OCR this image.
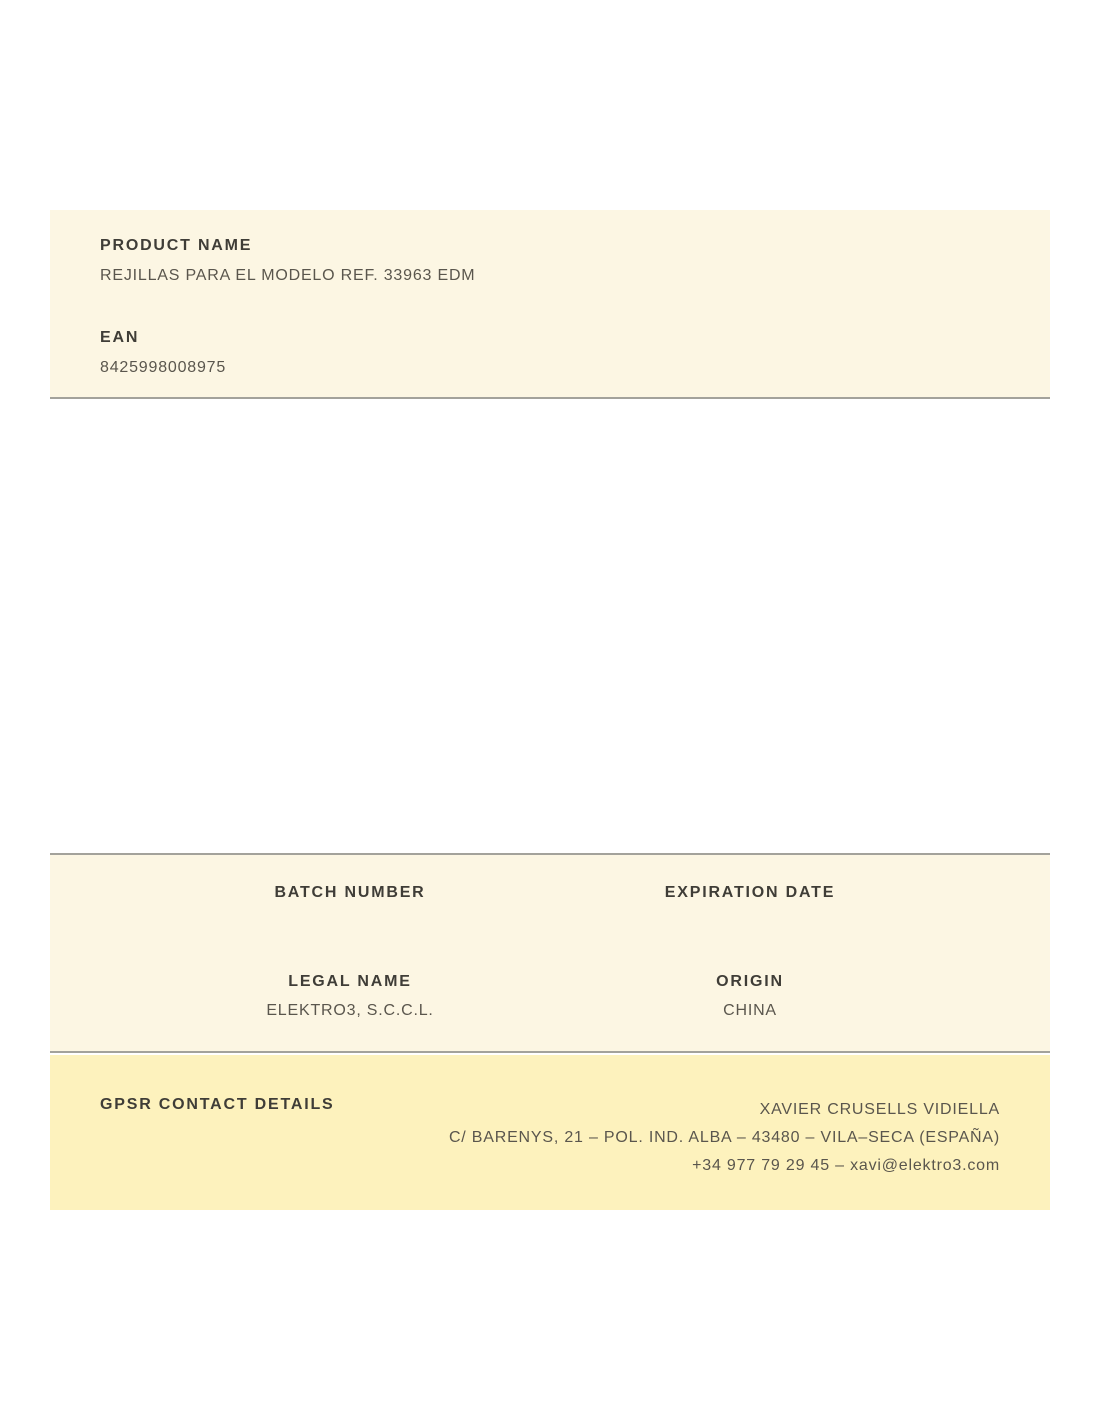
PRODUCT NAME
REJILLAS PARA EL MODELO REF. 33963 EDM
EAN
8425998008975
BATCH NUMBER	EXPIRATION DATE
LEGAL NAME
ELEKTRO3, S.C.C.L.
ORIGIN
CHINA
GPSR CONTACT DETAILS	XAVIER CRUSELLS VIDIELLA
C/ BARENYS, 21 – POL. IND. ALBA – 43480 – VILA–SECA (ESPAÑA)
+34 977 79 29 45 – xavi@elektro3.com
